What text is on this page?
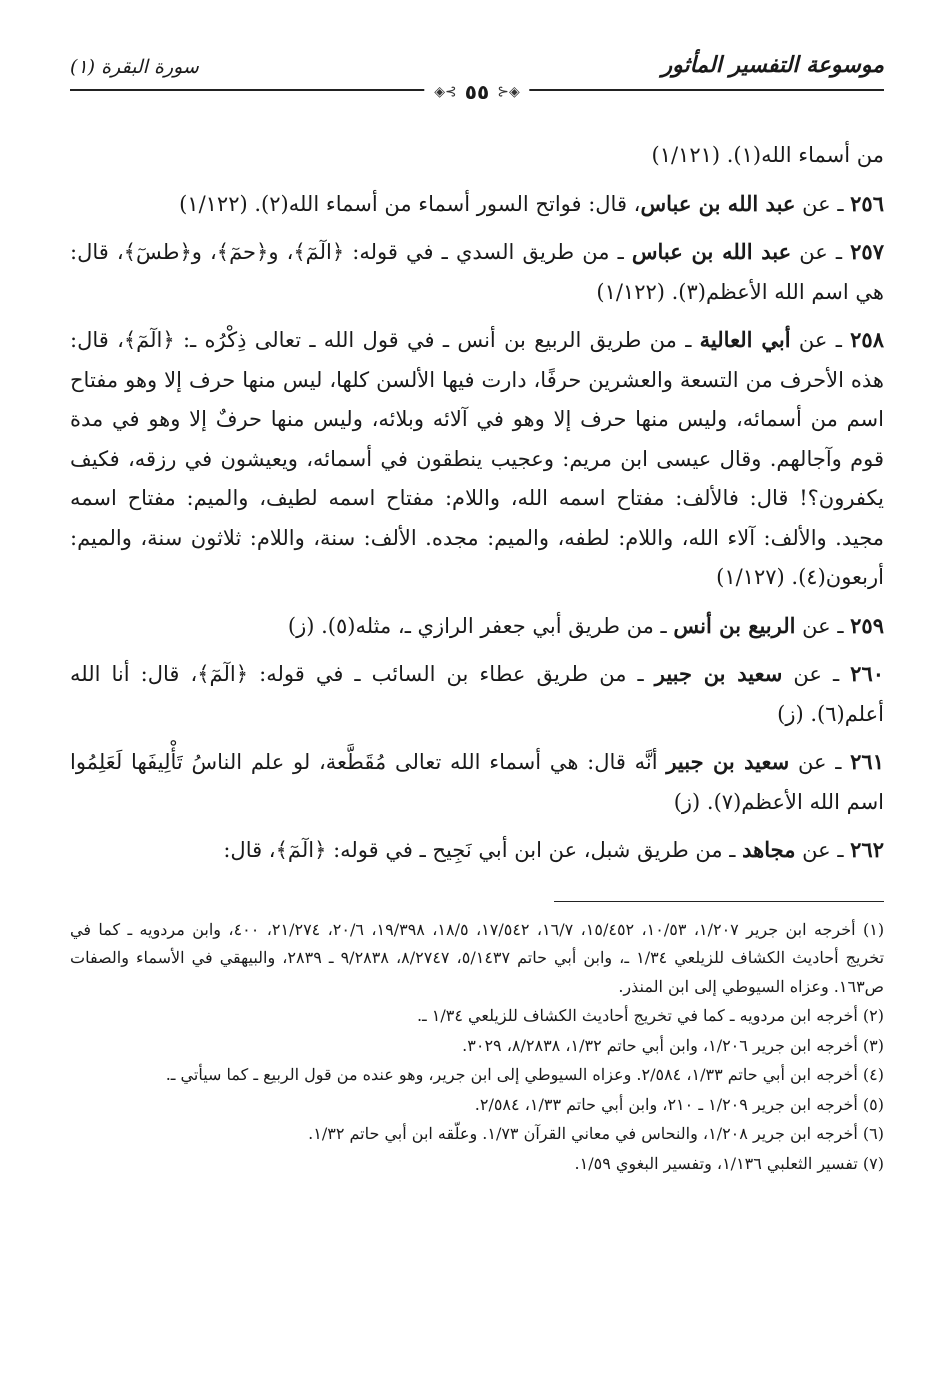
موسوعة التفسير المأثور
سورة البقرة (١)
◈⊰ ٥٥ ⊱◈

من أسماء الله(١). (١/١٢١)

٢٥٦ ـ عن عبد الله بن عباس، قال: فواتح السور أسماء من أسماء الله(٢). (١/١٢٢)

٢٥٧ ـ عن عبد الله بن عباس ـ من طريق السدي ـ في قوله: ﴿الٓمٓ﴾، و﴿حمٓ﴾، و﴿طسٓ﴾، قال: هي اسم الله الأعظم(٣). (١/١٢٢)

٢٥٨ ـ عن أبي العالية ـ من طريق الربيع بن أنس ـ في قول الله ـ تعالى ذِكْرُه ـ: ﴿الٓمٓ﴾، قال: هذه الأحرف من التسعة والعشرين حرفًا، دارت فيها الألسن كلها، ليس منها حرف إلا وهو مفتاح اسم من أسمائه، وليس منها حرف إلا وهو في آلائه وبلائه، وليس منها حرفٌ إلا وهو في مدة قوم وآجالهم. وقال عيسى ابن مريم: وعجيب ينطقون في أسمائه، ويعيشون في رزقه، فكيف يكفرون؟! قال: فالألف: مفتاح اسمه الله، واللام: مفتاح اسمه لطيف، والميم: مفتاح اسمه مجيد. والألف: آلاء الله، واللام: لطفه، والميم: مجده. الألف: سنة، واللام: ثلاثون سنة، والميم: أربعون(٤). (١/١٢٧)

٢٥٩ ـ عن الربيع بن أنس ـ من طريق أبي جعفر الرازي ـ، مثله(٥). (ز)

٢٦٠ ـ عن سعيد بن جبير ـ من طريق عطاء بن السائب ـ في قوله: ﴿الٓمٓ﴾، قال: أنا الله أعلم(٦). (ز)

٢٦١ ـ عن سعيد بن جبير أنَّه قال: هي أسماء الله تعالى مُقَطَّعة، لو علم الناسُ تَأْلِيفَها لَعَلِمُوا اسم الله الأعظم(٧). (ز)

٢٦٢ ـ عن مجاهد ـ من طريق شبل، عن ابن أبي نَجِيح ـ في قوله: ﴿الٓمٓ﴾، قال:

(١) أخرجه ابن جرير ١/٢٠٧، ١٠/٥٣، ١٥/٤٥٢، ١٦/٧، ١٧/٥٤٢، ١٨/٥، ١٩/٣٩٨، ٢٠/٦، ٢١/٢٧٤، ٤٠٠، وابن مردويه ـ كما في تخريج أحاديث الكشاف للزيلعي ١/٣٤ ـ، وابن أبي حاتم ٥/١٤٣٧، ٨/٢٧٤٧، ٩/٢٨٣٨ ـ ٢٨٣٩، والبيهقي في الأسماء والصفات ص١٦٣. وعزاه السيوطي إلى ابن المنذر.

(٢) أخرجه ابن مردويه ـ كما في تخريج أحاديث الكشاف للزيلعي ١/٣٤ ـ.

(٣) أخرجه ابن جرير ١/٢٠٦، وابن أبي حاتم ١/٣٢، ٨/٢٨٣٨، ٣٠٢٩.

(٤) أخرجه ابن أبي حاتم ١/٣٣، ٢/٥٨٤. وعزاه السيوطي إلى ابن جرير، وهو عنده من قول الربيع ـ كما سيأتي ـ.

(٥) أخرجه ابن جرير ١/٢٠٩ ـ ٢١٠، وابن أبي حاتم ١/٣٣، ٢/٥٨٤.

(٦) أخرجه ابن جرير ١/٢٠٨، والنحاس في معاني القرآن ١/٧٣. وعلّقه ابن أبي حاتم ١/٣٢.

(٧) تفسير الثعلبي ١/١٣٦، وتفسير البغوي ١/٥٩.
